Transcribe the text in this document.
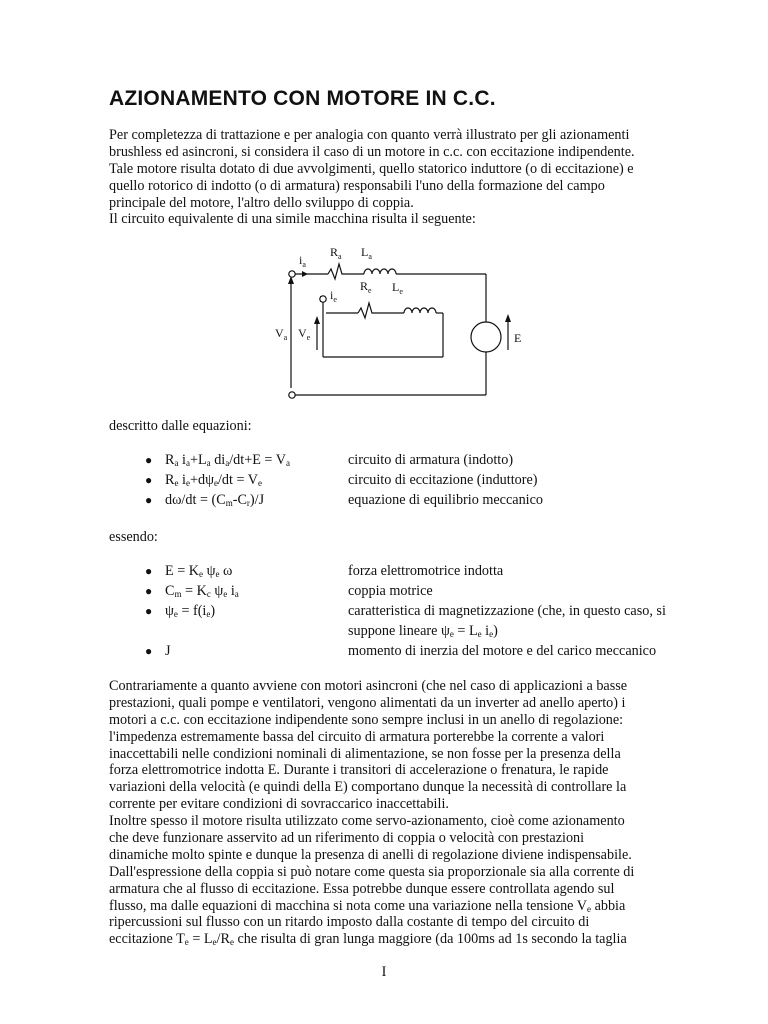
AZIONAMENTO CON MOTORE IN C.C.
Per completezza di trattazione e per analogia con quanto verrà illustrato per gli azionamenti
brushless ed asincroni, si considera il caso di un motore in c.c. con eccitazione indipendente.
Tale motore risulta dotato di due avvolgimenti, quello statorico induttore (o di eccitazione) e
quello rotorico di indotto (o di armatura) responsabili l'uno della formazione del campo
principale del motore, l'altro dello sviluppo di coppia.
Il circuito equivalente di una simile macchina risulta il seguente:
$i_a$
$R_a$ $L_a$
$i_e$
$R_e$ $L_e$
$V_a$ $V_e$	E
descritto dalle equazioni:
● $R_a$ $i_a+L_a$ $di_a/dt+E = V_a$	circuito di armatura (indotto)
● $R_e$ $i_e+d\psi_e/dt = V_e$	circuito di eccitazione (induttore)
● $d\omega/dt = (C_m-C_r)/J$	equazione di equilibrio meccanico
essendo:
● $E = K_e$ $\psi_e$ ω	forza elettromotrice indotta
● $C_m = K_c$ $\psi_e$ $i_a$	coppia motrice
● $\psi_e = f(i_e)$	caratteristica di magnetizzazione (che, in questo caso, si
suppone lineare $\psi_e = L_e$ $i_e$)
● J	momento di inerzia del motore e del carico meccanico
Contrariamente a quanto avviene con motori asincroni (che nel caso di applicazioni a basse
prestazioni, quali pompe e ventilatori, vengono alimentati da un inverter ad anello aperto) i
motori a c.c. con eccitazione indipendente sono sempre inclusi in un anello di regolazione:
l'impedenza estremamente bassa del circuito di armatura porterebbe la corrente a valori
inaccettabili nelle condizioni nominali di alimentazione, se non fosse per la presenza della
forza elettromotrice indotta E. Durante i transitori di accelerazione o frenatura, le rapide
variazioni della velocità (e quindi della E) comportano dunque la necessità di controllare la
corrente per evitare condizioni di sovraccarico inaccettabili.
Inoltre spesso il motore risulta utilizzato come servo-azionamento, cioè come azionamento
che deve funzionare asservito ad un riferimento di coppia o velocità con prestazioni
dinamiche molto spinte e dunque la presenza di anelli di regolazione diviene indispensabile.
Dall'espressione della coppia si può notare come questa sia proporzionale sia alla corrente di
armatura che al flusso di eccitazione. Essa potrebbe dunque essere controllata agendo sul
flusso, ma dalle equazioni di macchina si nota come una variazione nella tensione $V_e$ abbia
ripercussioni sul flusso con un ritardo imposto dalla costante di tempo del circuito di
eccitazione $T_e = L_e/R_e$ che risulta di gran lunga maggiore (da 100ms ad 1s secondo la taglia
I
